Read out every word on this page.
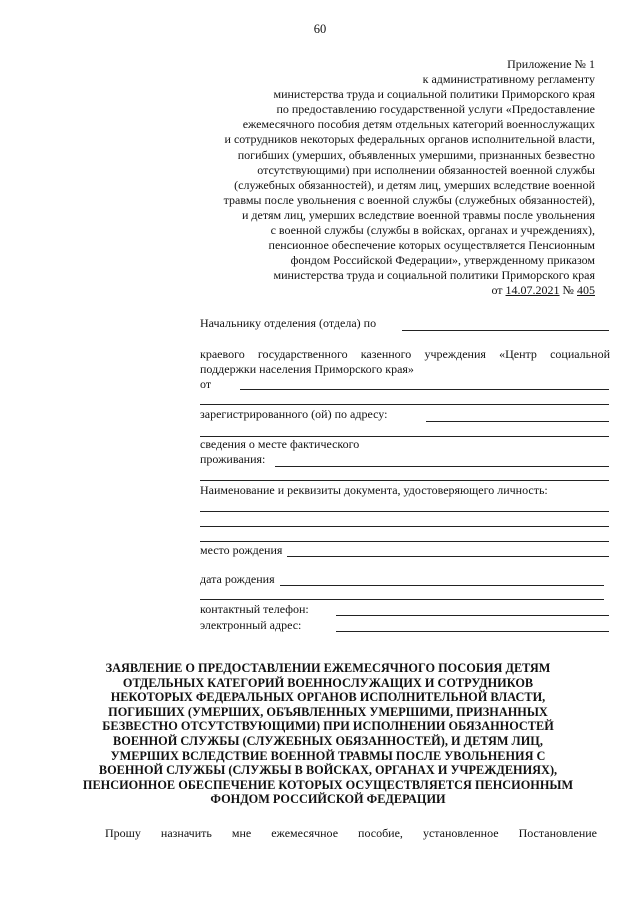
60
Приложение № 1
к административному регламенту
министерства труда и социальной политики Приморского края
по предоставлению государственной услуги «Предоставление
ежемесячного пособия детям отдельных категорий военнослужащих
и сотрудников некоторых федеральных органов исполнительной власти,
погибших (умерших, объявленных умершими, признанных безвестно
отсутствующими) при исполнении обязанностей военной службы
(служебных обязанностей), и детям лиц, умерших вследствие военной
травмы после увольнения с военной службы (служебных обязанностей),
и детям лиц, умерших вследствие военной травмы после увольнения
с военной службы (службы в войсках, органах и учреждениях),
пенсионное обеспечение которых осуществляется Пенсионным
фондом Российской Федерации», утвержденному приказом
министерства труда и социальной политики Приморского края
от 14.07.2021 № 405
Начальнику отделения (отдела) по
краевого государственного казенного учреждения «Центр социальной поддержки населения Приморского края»
от
зарегистрированного (ой) по адресу:
сведения о месте фактического
проживания:
Наименование и реквизиты документа, удостоверяющего личность:
место рождения
дата рождения
контактный телефон:
электронный адрес:
ЗАЯВЛЕНИЕ О ПРЕДОСТАВЛЕНИИ ЕЖЕМЕСЯЧНОГО ПОСОБИЯ ДЕТЯМ
ОТДЕЛЬНЫХ КАТЕГОРИЙ ВОЕННОСЛУЖАЩИХ И СОТРУДНИКОВ
НЕКОТОРЫХ ФЕДЕРАЛЬНЫХ ОРГАНОВ ИСПОЛНИТЕЛЬНОЙ ВЛАСТИ,
ПОГИБШИХ (УМЕРШИХ, ОБЪЯВЛЕННЫХ УМЕРШИМИ, ПРИЗНАННЫХ
БЕЗВЕСТНО ОТСУТСТВУЮЩИМИ) ПРИ ИСПОЛНЕНИИ ОБЯЗАННОСТЕЙ
ВОЕННОЙ СЛУЖБЫ (СЛУЖЕБНЫХ ОБЯЗАННОСТЕЙ), И ДЕТЯМ ЛИЦ,
УМЕРШИХ ВСЛЕДСТВИЕ ВОЕННОЙ ТРАВМЫ ПОСЛЕ УВОЛЬНЕНИЯ С
ВОЕННОЙ СЛУЖБЫ (СЛУЖБЫ В ВОЙСКАХ, ОРГАНАХ И УЧРЕЖДЕНИЯХ),
ПЕНСИОННОЕ ОБЕСПЕЧЕНИЕ КОТОРЫХ ОСУЩЕСТВЛЯЕТСЯ ПЕНСИОННЫМ
ФОНДОМ РОССИЙСКОЙ ФЕДЕРАЦИИ
Прошу назначить мне ежемесячное пособие, установленное Постановление
